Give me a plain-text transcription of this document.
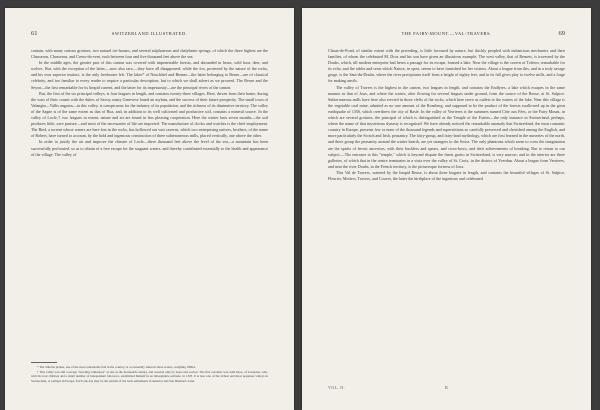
61	SWITZERLAND ILLUSTRATED.

contain, with many curious grottoes, two natural ice-houses, and several sulphureous and chalybeate springs, of which the three highest are the Chasseron, Chasseron, and Creux-du-vent, each between four and five thousand feet above the sea.

In the middle ages, the greater part of this canton was covered with impenetrable forests, and abounded in bears, wild boar, deer, and wolves. But, with the exception of the latter,—now also rare,—they have all disappeared; while the fox, protected by the nature of the rocks, and his own superior instinct, is the only freebooter left. The lakes* of Neuchâtel and Bienne—the latter belonging to Berne—are of classical celebrity, and too familiar to every reader to require a particular description, but to which we shall advert as we proceed. The Reuse and the Seyon—the first remarkable for its limpid current, and the latter for its impetuosity—are the principal rivers of the canton.

But, the first of the six principal valleys, is four leagues in length, and contains twenty-three villages. Here, driven from their home, during the wars of their counts with the dukes of Savoy, many Genevese found an asylum, and the success of their future prosperity. The small town of Valangin—Vallis angusta—in this valley, is conspicuous for the industry of its population, and the richness of its diminutive territory. The valley of the Sagne is of the same extent as that of Ruz, and, in addition to its well cultivated and productive soil, contains a mineral source. In the valley of Locle,† two leagues in extent, nature and art are found in less pleasing cooperation. Here the winter lasts seven months—the soil produces little, save pasture—and most of the necessaries of life are imported. The manufacture of clocks and watches is the chief employment. The Bied, a torrent whose waters are here lost in the rocks, has hollowed out vast caverns, which two enterprising natives, brothers, of the name of Robert, have turned to account, by the bold and ingenious construction of three subterraneous mills, placed vertically, one above the other.

In order to justify the air and improve the climate of Locle—there thousand feet above the level of the sea—a mountain has been successfully perforated, so as to obtain of a free escape for the stagnant waters, and thereby contributed essentially to the health and appearance of the village. The valley of

* The Sihorna planus, one of the most remarkable fish in the country, is occasionally taken in these waters, weighing 180lbs.

† This valley was still a savage "howling wilderness" as late as the fourteenth century, and resorted only by bears and wolves. The first colonists was John Droz, of Lerondon, who, with his four children and a small number of independent followers, established himself in an inhospitable solitude, in 1303. It is now one of the richest and most populous valleys in Switzerland, or perhaps in Europe. Each one day may be the seldom of the back settlements in America and Van Diemen's Land.

THE FAIRY-MOUNT.—VAL-TRAVERS.	69

Chaux-de-Fond, of similar extent with the preceding, is little favoured by nature, but thickly peopled with industrious mechanics and their families, of whom the celebrated M. Droz and his son have given an illustrious example. The west valley, that of Brenets, is traversed by the Doubs, which, till modern enterprise had hewn a passage for its escape, formed a lake. Near the village is the cavern of Toftern, remarkable for its echo, and the tables and seats which Nature, in sport, seems to have furnished for her visitors. About a league from this, and in a truly savage gorge, is the Saut-du-Doubs, where the river precipitates itself from a height of eighty feet, and in its fall gives play to twelve mills, and a forge for making anvils.

The valley of Travers is the highest in the canton, two leagues in length, and contains the Endlyres, a lake which escapes in the same manner as that of Joux, and where the waters, after flowing for several leagues under ground, form the source of the Reuse, at St. Sulpice. Subterraneous mills have here also erected in those clefts of the rocks, which here serve as outlets to the waters of the lake. Near this village is the vegetable coal mine, admited as no rare amount of the Rosnberg, and supposed to be the product of the forests swallowed up in the great earthquake of 1356, which overthrew the city of Basle. In the valley of Verrieres is the summers named Côte aux Fées, or the Fairy Mount, in which are several grottoes, the principal of which is distinguished as the Temple of the Fairies—the only instance in Switzerland, perhaps, where the name of that mysterious dynasty is recognised. We have already noticed the remarkable anomaly that Switzerland, the most romantic country in Europe, presents few or none of the thousand legends and superstitions so carefully preserved and cherished among the English, and more particularly the Scotch and Irish, peasantry. The fairy-group, and fairy-land mythology, which are first learned in the nurseries of the north, and there group the peasantry around the winter hearth, are yet strangers to the Swiss. The only phantoms which seem to cross the imagination are the spirits of heroic ancestors, with their bucklers and spears, and cross-bows, and their achievements of breaking. But to return to our subject.—The entrance to this "temple," which is beyond dispute the finest grotto in Switzerland, is very narrow; and in the interior are three galleries, of which that in the centre terminates in a vista over the valley of St. Croix, in the district of Yverdun. About a league from Verrieres, and near the river Doubs, in the French territory, is the picturesque fortress of Joux.

This Val de Travers, watered by the limpid Reuse, is about three leagues in length, and contains the beautiful villages of St. Sulpice, Fleurier, Motiers, Travers, and Couvet, the latter the birthplace of the ingenious and celebrated

VOL. II.	R
